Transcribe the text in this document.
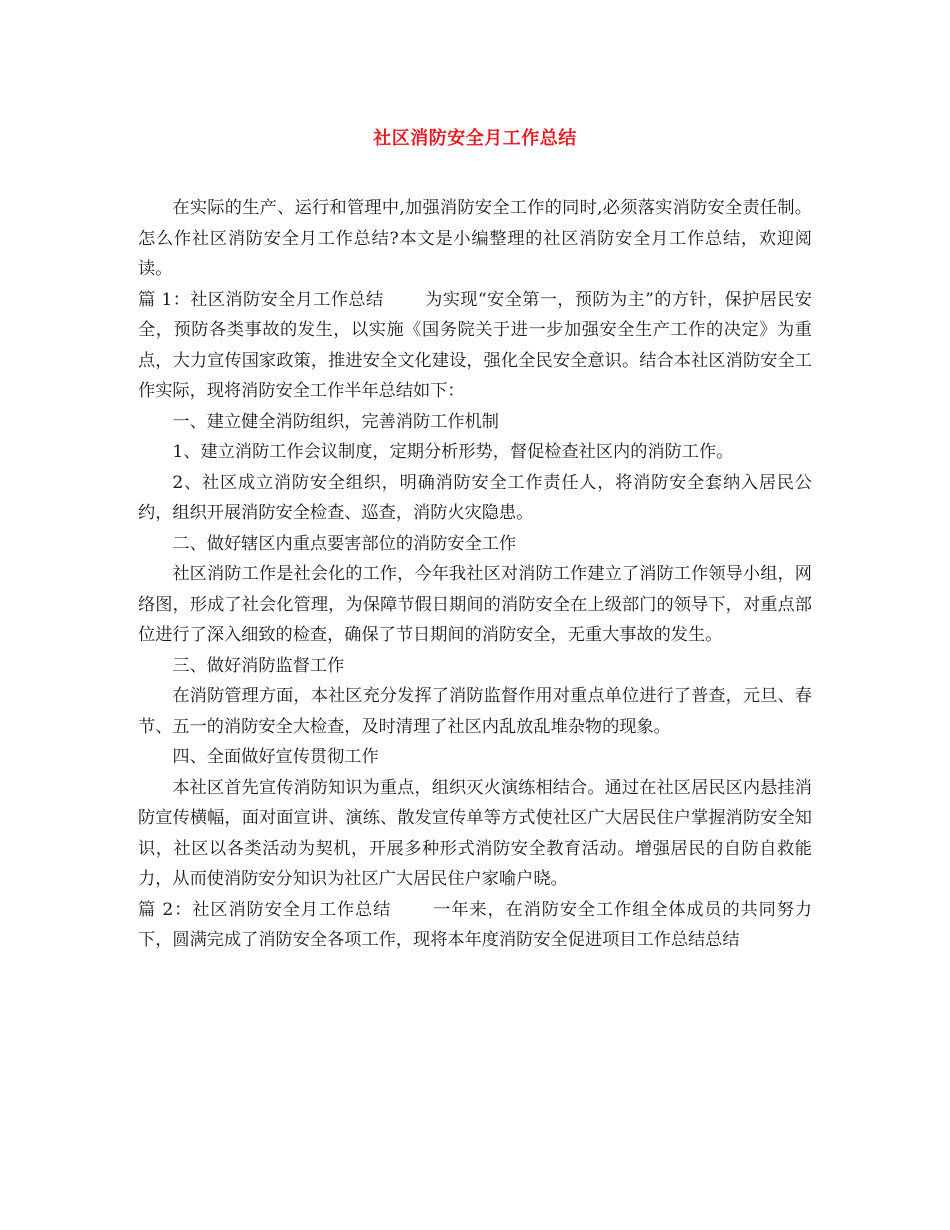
社区消防安全月工作总结

在实际的生产、运行和管理中,加强消防安全工作的同时,必须落实消防安全责任制。怎么作社区消防安全月工作总结?本文是小编整理的社区消防安全月工作总结，欢迎阅读。

篇 1：社区消防安全月工作总结 为实现“安全第一，预防为主”的方针，保护居民安全，预防各类事故的发生，以实施《国务院关于进一步加强安全生产工作的决定》为重点，大力宣传国家政策，推进安全文化建设，强化全民安全意识。结合本社区消防安全工作实际，现将消防安全工作半年总结如下：

一、建立健全消防组织，完善消防工作机制

1、建立消防工作会议制度，定期分析形势，督促检查社区内的消防工作。

2、社区成立消防安全组织，明确消防安全工作责任人，将消防安全套纳入居民公约，组织开展消防安全检查、巡查，消防火灾隐患。

二、做好辖区内重点要害部位的消防安全工作

社区消防工作是社会化的工作，今年我社区对消防工作建立了消防工作领导小组，网络图，形成了社会化管理，为保障节假日期间的消防安全在上级部门的领导下，对重点部位进行了深入细致的检查，确保了节日期间的消防安全，无重大事故的发生。

三、做好消防监督工作

在消防管理方面，本社区充分发挥了消防监督作用对重点单位进行了普查，元旦、春节、五一的消防安全大检查，及时清理了社区内乱放乱堆杂物的现象。

四、全面做好宣传贯彻工作

本社区首先宣传消防知识为重点，组织灭火演练相结合。通过在社区居民区内悬挂消防宣传横幅，面对面宣讲、演练、散发宣传单等方式使社区广大居民住户掌握消防安全知识，社区以各类活动为契机，开展多种形式消防安全教育活动。增强居民的自防自救能力，从而使消防安分知识为社区广大居民住户家喻户晓。

篇 2：社区消防安全月工作总结 一年来，在消防安全工作组全体成员的共同努力下，圆满完成了消防安全各项工作，现将本年度消防安全促进项目工作总结总结
